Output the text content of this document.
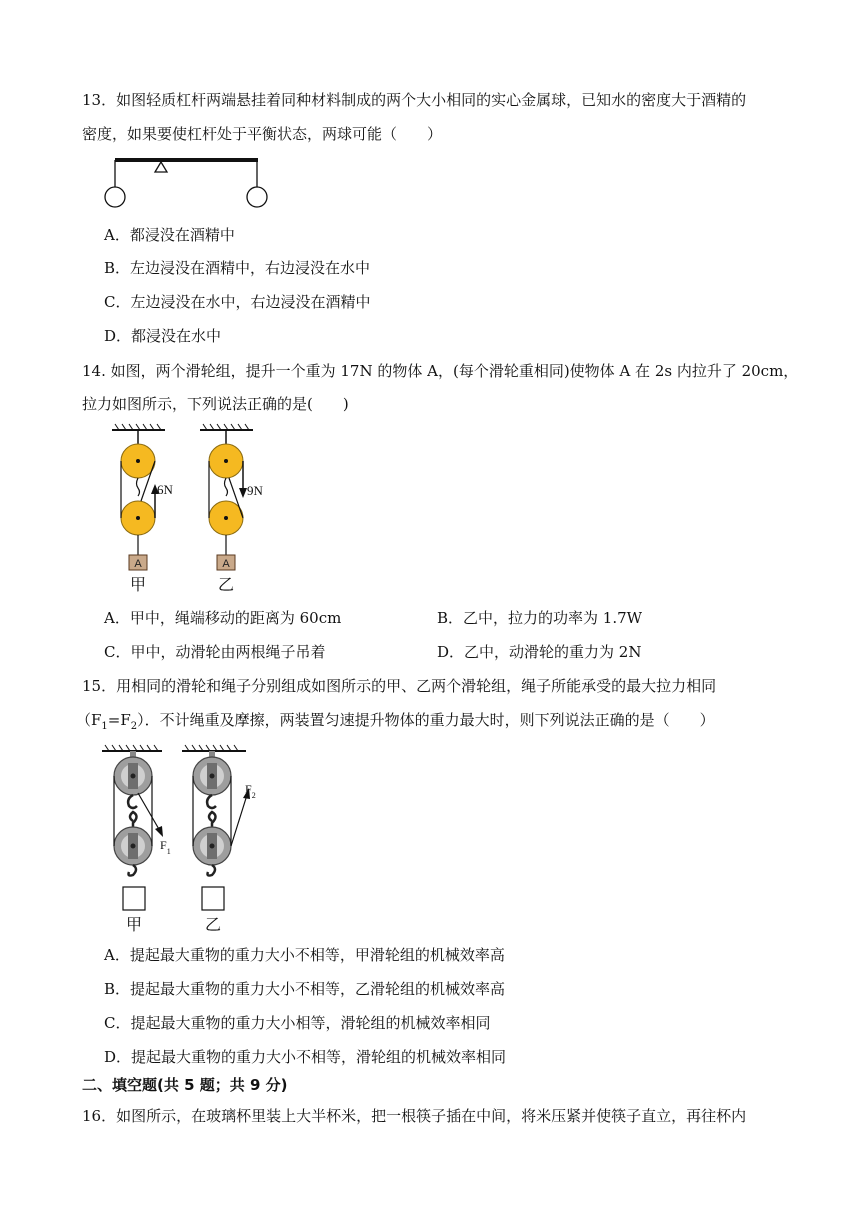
13．如图轻质杠杆两端悬挂着同种材料制成的两个大小相同的实心金属球，已知水的密度大于酒精的
密度，如果要使杠杆处于平衡状态，两球可能（　　）
A．都浸没在酒精中
B．左边浸没在酒精中，右边浸没在水中
C．左边浸没在水中，右边浸没在酒精中
D．都浸没在水中
14. 如图，两个滑轮组，提升一个重为 17N 的物体 A，(每个滑轮重相同)使物体 A 在 2s 内拉升了 20cm，
拉力如图所示，下列说法正确的是(　　)
A
6N
甲
A
9N
乙
A．甲中，绳端移动的距离为 60cm	B．乙中，拉力的功率为 1.7W
C．甲中，动滑轮由两根绳子吊着	D．乙中，动滑轮的重力为 2N
15．用相同的滑轮和绳子分别组成如图所示的甲、乙两个滑轮组，绳子所能承受的最大拉力相同
$(F_1=F_2)$．不计绳重及摩擦，两装置匀速提升物体的重力最大时，则下列说法正确的是（　　）
$F_1$
甲
$F_2$
乙
A．提起最大重物的重力大小不相等，甲滑轮组的机械效率高
B．提起最大重物的重力大小不相等，乙滑轮组的机械效率高
C．提起最大重物的重力大小相等，滑轮组的机械效率相同
D．提起最大重物的重力大小不相等，滑轮组的机械效率相同
二、填空题(共 5 题；共 9 分)
16．如图所示，在玻璃杯里装上大半杯米，把一根筷子插在中间，将米压紧并使筷子直立，再往杯内
